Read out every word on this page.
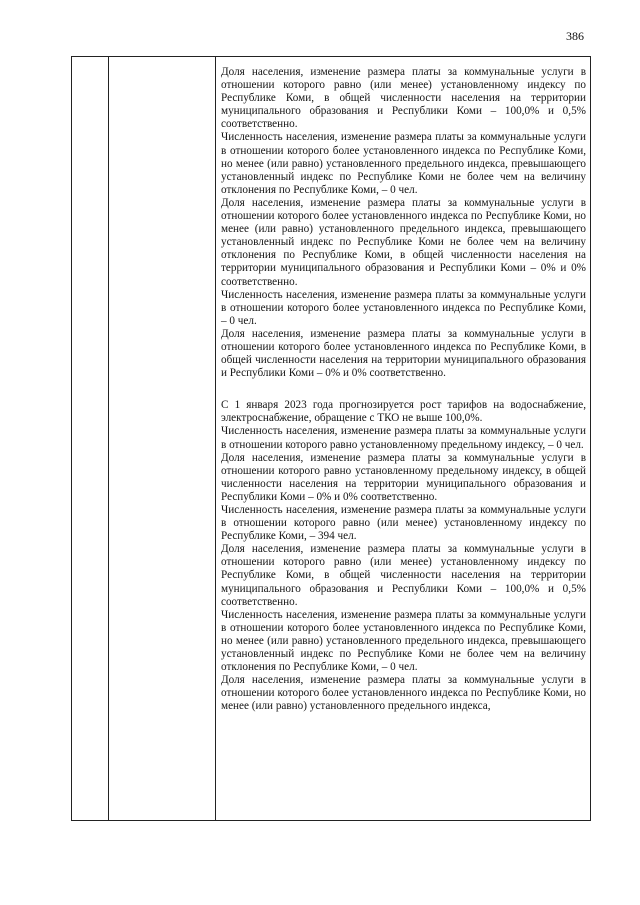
386

Доля населения, изменение размера платы за коммунальные услуги в отношении которого равно (или менее) установленному индексу по Республике Коми, в общей численности населения на территории муниципального образования и Республики Коми – 100,0% и 0,5% соответственно.

Численность населения, изменение размера платы за коммунальные услуги в отношении которого более установленного индекса по Республике Коми, но менее (или равно) установленного предельного индекса, превышающего установленный индекс по Республике Коми не более чем на величину отклонения по Республике Коми, – 0 чел.

Доля населения, изменение размера платы за коммунальные услуги в отношении которого более установленного индекса по Республике Коми, но менее (или равно) установленного предельного индекса, превышающего установленный индекс по Республике Коми не более чем на величину отклонения по Республике Коми, в общей численности населения на территории муниципального образования и Республики Коми – 0% и 0% соответственно.

Численность населения, изменение размера платы за коммунальные услуги в отношении которого более установленного индекса по Республике Коми, – 0 чел.

Доля населения, изменение размера платы за коммунальные услуги в отношении которого более установленного индекса по Республике Коми, в общей численности населения на территории муниципального образования и Республики Коми – 0% и 0% соответственно.

С 1 января 2023 года прогнозируется рост тарифов на водоснабжение, электроснабжение, обращение с ТКО не выше 100,0%.

Численность населения, изменение размера платы за коммунальные услуги в отношении которого равно установленному предельному индексу, – 0 чел.

Доля населения, изменение размера платы за коммунальные услуги в отношении которого равно установленному предельному индексу, в общей численности населения на территории муниципального образования и Республики Коми – 0% и 0% соответственно.

Численность населения, изменение размера платы за коммунальные услуги в отношении которого равно (или менее) установленному индексу по Республике Коми, – 394 чел.

Доля населения, изменение размера платы за коммунальные услуги в отношении которого равно (или менее) установленному индексу по Республике Коми, в общей численности населения на территории муниципального образования и Республики Коми – 100,0% и 0,5% соответственно.

Численность населения, изменение размера платы за коммунальные услуги в отношении которого более установленного индекса по Республике Коми, но менее (или равно) установленного предельного индекса, превышающего установленный индекс по Республике Коми не более чем на величину отклонения по Республике Коми, – 0 чел.

Доля населения, изменение размера платы за коммунальные услуги в отношении которого более установленного индекса по Республике Коми, но менее (или равно) установленного предельного индекса,
